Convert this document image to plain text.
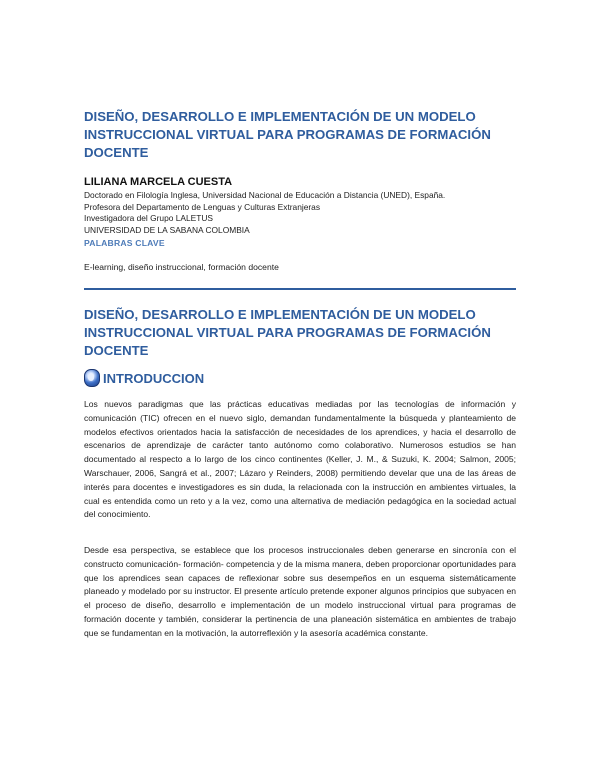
DISEÑO, DESARROLLO E IMPLEMENTACIÓN DE UN MODELO INSTRUCCIONAL VIRTUAL PARA PROGRAMAS DE FORMACIÓN DOCENTE

LILIANA MARCELA CUESTA

Doctorado en Filología Inglesa, Universidad Nacional de Educación a Distancia (UNED), España.
Profesora del Departamento de Lenguas y Culturas Extranjeras
Investigadora del Grupo LALETUS
UNIVERSIDAD DE LA SABANA COLOMBIA

PALABRAS CLAVE

E-learning, diseño instruccional, formación docente

DISEÑO, DESARROLLO E IMPLEMENTACIÓN DE UN MODELO INSTRUCCIONAL VIRTUAL PARA PROGRAMAS DE FORMACIÓN DOCENTE
INTRODUCCION

Los nuevos paradigmas que las prácticas educativas mediadas por las tecnologías de información y comunicación (TIC) ofrecen en el nuevo siglo, demandan fundamentalmente la búsqueda y planteamiento de modelos efectivos orientados hacia la satisfacción de necesidades de los aprendices, y hacia el desarrollo de escenarios de aprendizaje de carácter tanto autónomo como colaborativo. Numerosos estudios se han documentado al respecto a lo largo de los cinco continentes (Keller, J. M., & Suzuki, K. 2004; Salmon, 2005; Warschauer, 2006, Sangrá et al., 2007; Lázaro y Reinders, 2008) permitiendo develar que una de las áreas de interés para docentes e investigadores es sin duda, la relacionada con la instrucción en ambientes virtuales, la cual es entendida como un reto y a la vez, como una alternativa de mediación pedagógica en la sociedad actual del conocimiento.

Desde esa perspectiva, se establece que los procesos instruccionales deben generarse en sincronía con el constructo comunicación- formación- competencia y de la misma manera, deben proporcionar oportunidades para que los aprendices sean capaces de reflexionar sobre sus desempeños en un esquema sistemáticamente planeado y modelado por su instructor. El presente artículo pretende exponer algunos principios que subyacen en el proceso de diseño, desarrollo e implementación de un modelo instruccional virtual para programas de formación docente y también, considerar la pertinencia de una planeación sistemática en ambientes de trabajo que se fundamentan en la motivación, la autorreflexión y la asesoría académica constante.
